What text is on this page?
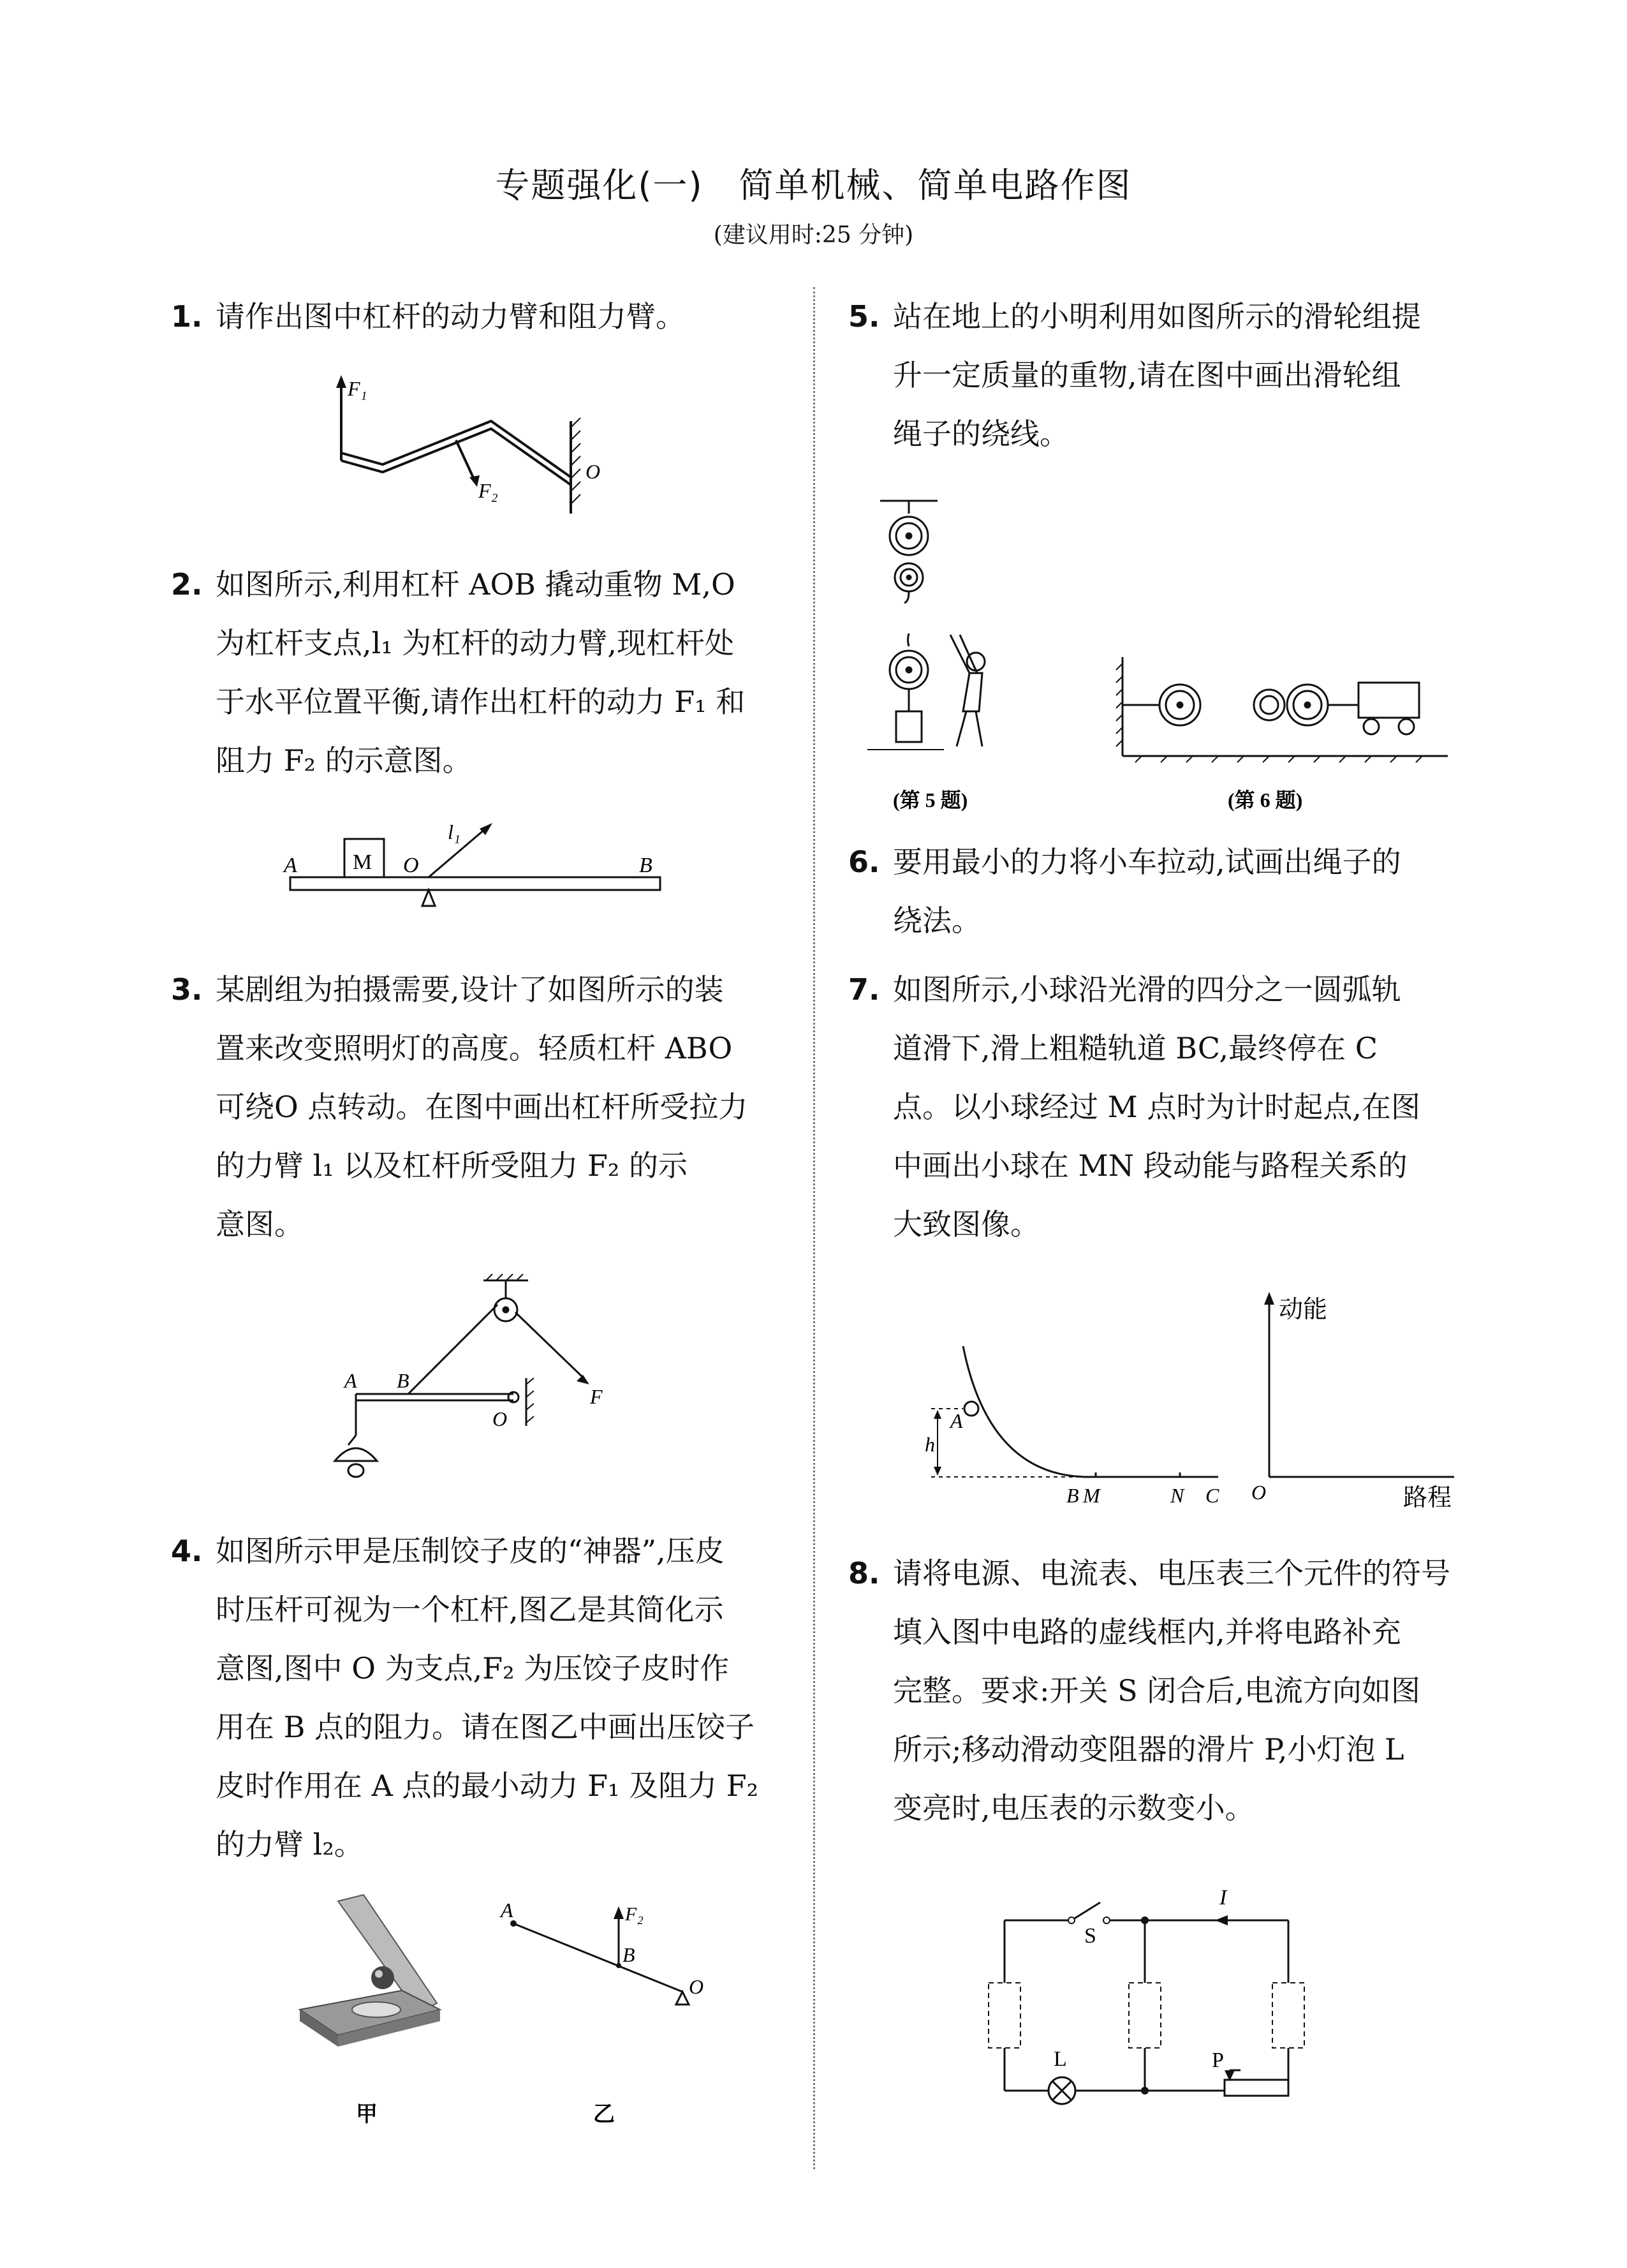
专题强化(一)　简单机械、简单电路作图
(建议用时:25 分钟)
1. 请作出图中杠杆的动力臂和阻力臂。
F₁
F₂
O
2. 如图所示,利用杠杆 AOB 撬动重物 M,O
为杠杆支点,l₁ 为杠杆的动力臂,现杠杆处
于水平位置平衡,请作出杠杆的动力 F₁ 和
阻力 F₂ 的示意图。
A	M O	B
l₁
3. 某剧组为拍摄需要,设计了如图所示的装
置来改变照明灯的高度。轻质杠杆 ABO
可绕O 点转动。在图中画出杠杆所受拉力
的力臂 l₁ 以及杠杆所受阻力 F₂ 的示
意图。
A B
O
F
4. 如图所示甲是压制饺子皮的“神器”,压皮
时压杆可视为一个杠杆,图乙是其简化示
意图,图中 O 为支点,F₂ 为压饺子皮时作
用在 B 点的阻力。请在图乙中画出压饺子
皮时作用在 A 点的最小动力 F₁ 及阻力 F₂
的力臂 l₂。
A
B
O
F₂
甲	乙
5. 站在地上的小明利用如图所示的滑轮组提
升一定质量的重物,请在图中画出滑轮组
绳子的绕线。
(第 5 题)	(第 6 题)
6. 要用最小的力将小车拉动,试画出绳子的
绕法。
7. 如图所示,小球沿光滑的四分之一圆弧轨
道滑下,滑上粗糙轨道 BC,最终停在 C
点。以小球经过 M 点时为计时起点,在图
中画出小球在 MN 段动能与路程关系的
大致图像。
A
h
B M	N C O
动能
路程
8. 请将电源、电流表、电压表三个元件的符号
填入图中电路的虚线框内,并将电路补充
完整。要求:开关 S 闭合后,电流方向如图
所示;移动滑动变阻器的滑片 P,小灯泡 L
变亮时,电压表的示数变小。
S
I
L	P
